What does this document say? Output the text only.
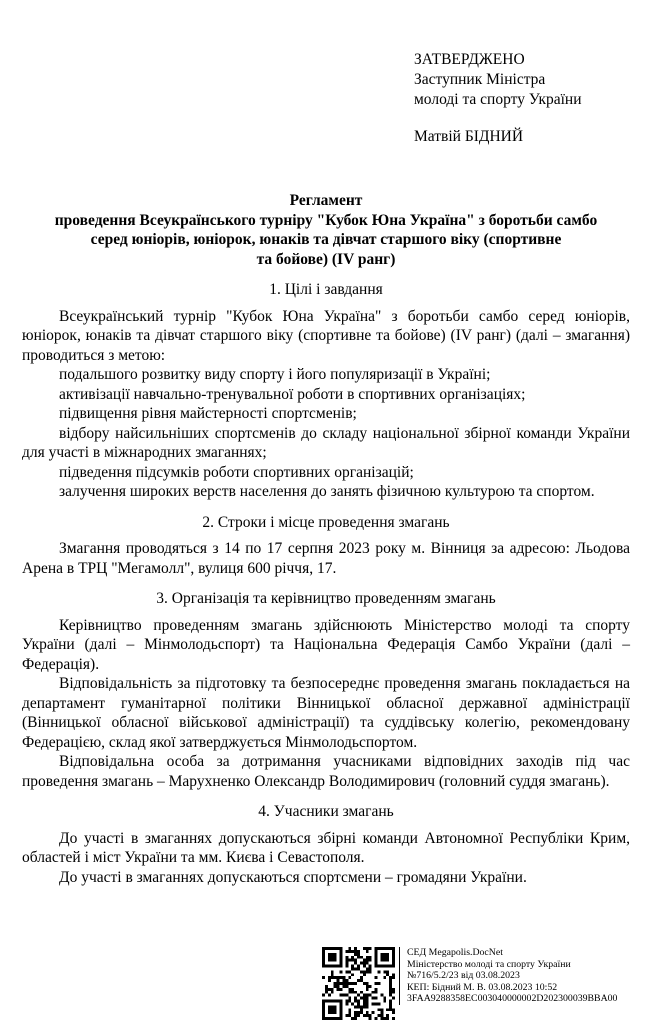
ЗАТВЕРДЖЕНО
Заступник Міністра
молоді та спорту України
Матвій БІДНИЙ
Регламент
проведення Всеукраїнського турніру "Кубок Юна Україна" з боротьби самбо
серед юніорів, юніорок, юнаків та дівчат старшого віку (спортивне
та бойове) (IV ранг)
1. Цілі і завдання

Всеукраїнський турнір "Кубок Юна Україна" з боротьби самбо серед юніорів, юніорок, юнаків та дівчат старшого віку (спортивне та бойове) (IV ранг) (далі – змагання) проводиться з метою:

подальшого розвитку виду спорту і його популяризації в Україні;

активізації навчально-тренувальної роботи в спортивних організаціях;

підвищення рівня майстерності спортсменів;

відбору найсильніших спортсменів до складу національної збірної команди України для участі в міжнародних змаганнях;

підведення підсумків роботи спортивних організацій;

залучення широких верств населення до занять фізичною культурою та спортом.

2. Строки і місце проведення змагань

Змагання проводяться з 14 по 17 серпня 2023 року м. Вінниця за адресою: Льодова Арена в ТРЦ "Мегамолл", вулиця 600 річчя, 17.

3. Організація та керівництво проведенням змагань

Керівництво проведенням змагань здійснюють Міністерство молоді та спорту України (далі – Мінмолодьспорт) та Національна Федерація Самбо України (далі – Федерація).

Відповідальність за підготовку та безпосереднє проведення змагань покладається на департамент гуманітарної політики Вінницької обласної державної адміністрації (Вінницької обласної військової адміністрації) та суддівську колегію, рекомендовану Федерацією, склад якої затверджується Мінмолодьспортом.

Відповідальна особа за дотримання учасниками відповідних заходів під час проведення змагань – Марухненко Олександр Володимирович (головний суддя змагань).

4. Учасники змагань

До участі в змаганнях допускаються збірні команди Автономної Республіки Крим, областей і міст України та мм. Києва і Севастополя.

До участі в змаганнях допускаються спортсмени – громадяни України.

СЕД Megapolis.DocNet
Міністерство молоді та спорту України
№716/5.2/23 від 03.08.2023
КЕП: Бідний М. В. 03.08.2023 10:52
3FAA9288358EC003040000002D202300039BBA00
